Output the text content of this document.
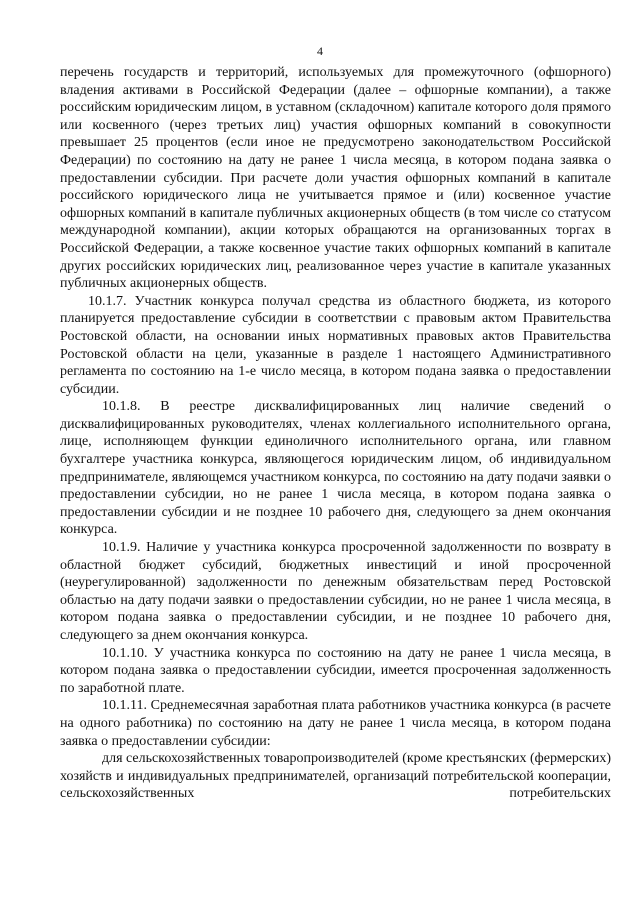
4

перечень государств и территорий, используемых для промежуточного (офшорного) владения активами в Российской Федерации (далее – офшорные компании), а также российским юридическим лицом, в уставном (складочном) капитале которого доля прямого или косвенного (через третьих лиц) участия офшорных компаний в совокупности превышает 25 процентов (если иное не предусмотрено законодательством Российской Федерации) по состоянию на дату не ранее 1 числа месяца, в котором подана заявка о предоставлении субсидии. При расчете доли участия офшорных компаний в капитале российского юридического лица не учитывается прямое и (или) косвенное участие офшорных компаний в капитале публичных акционерных обществ (в том числе со статусом международной компании), акции которых обращаются на организованных торгах в Российской Федерации, а также косвенное участие таких офшорных компаний в капитале других российских юридических лиц, реализованное через участие в капитале указанных публичных акционерных обществ.

10.1.7. Участник конкурса получал средства из областного бюджета, из которого планируется предоставление субсидии в соответствии с правовым актом Правительства Ростовской области, на основании иных нормативных правовых актов Правительства Ростовской области на цели, указанные в разделе 1 настоящего Административного регламента по состоянию на 1-е число месяца, в котором подана заявка о предоставлении субсидии.

10.1.8. В реестре дисквалифицированных лиц наличие сведений о дисквалифицированных руководителях, членах коллегиального исполнительного органа, лице, исполняющем функции единоличного исполнительного органа, или главном бухгалтере участника конкурса, являющегося юридическим лицом, об индивидуальном предпринимателе, являющемся участником конкурса, по состоянию на дату подачи заявки о предоставлении субсидии, но не ранее 1 числа месяца, в котором подана заявка о предоставлении субсидии и не позднее 10 рабочего дня, следующего за днем окончания конкурса.

10.1.9. Наличие у участника конкурса просроченной задолженности по возврату в областной бюджет субсидий, бюджетных инвестиций и иной просроченной (неурегулированной) задолженности по денежным обязательствам перед Ростовской областью на дату подачи заявки о предоставлении субсидии, но не ранее 1 числа месяца, в котором подана заявка о предоставлении субсидии, и не позднее 10 рабочего дня, следующего за днем окончания конкурса.

10.1.10. У участника конкурса по состоянию на дату не ранее 1 числа месяца, в котором подана заявка о предоставлении субсидии, имеется просроченная задолженность по заработной плате.

10.1.11. Среднемесячная заработная плата работников участника конкурса (в расчете на одного работника) по состоянию на дату не ранее 1 числа месяца, в котором подана заявка о предоставлении субсидии:

для сельскохозяйственных товаропроизводителей (кроме крестьянских (фермерских) хозяйств и индивидуальных предпринимателей, организаций потребительской кооперации, сельскохозяйственных потребительских
